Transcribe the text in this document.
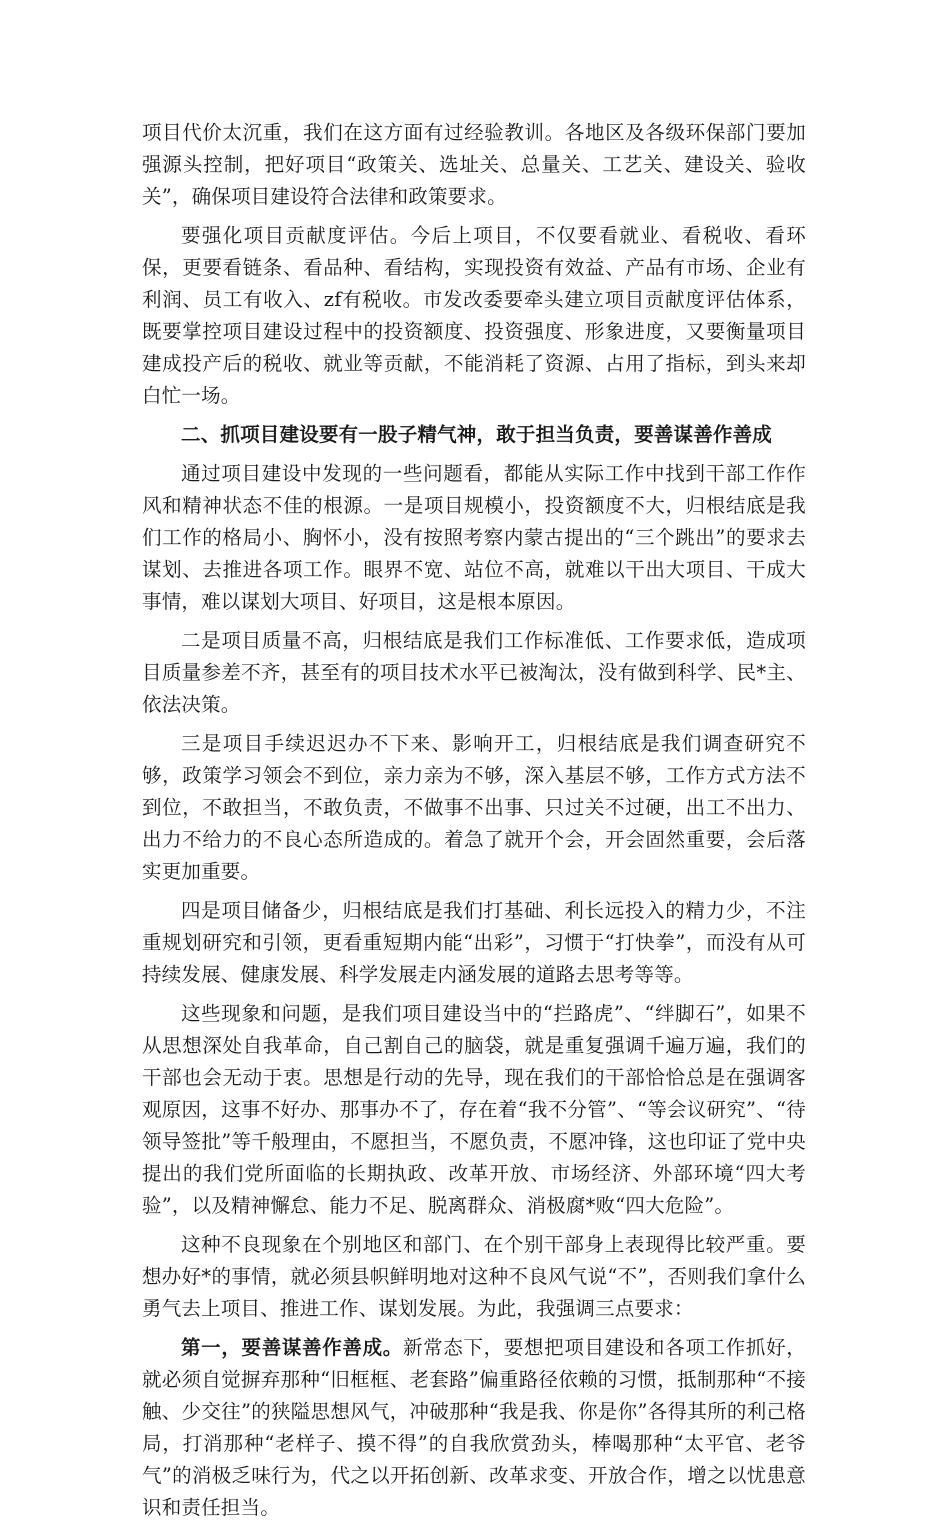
项目代价太沉重，我们在这方面有过经验教训。各地区及各级环保部门要加强源头控制，把好项目“政策关、选址关、总量关、工艺关、建设关、验收关”，确保项目建设符合法律和政策要求。

要强化项目贡献度评估。今后上项目，不仅要看就业、看税收、看环保，更要看链条、看品种、看结构，实现投资有效益、产品有市场、企业有利润、员工有收入、zf有税收。市发改委要牵头建立项目贡献度评估体系，既要掌控项目建设过程中的投资额度、投资强度、形象进度，又要衡量项目建成投产后的税收、就业等贡献，不能消耗了资源、占用了指标，到头来却白忙一场。

二、抓项目建设要有一股子精气神，敢于担当负责，要善谋善作善成

通过项目建设中发现的一些问题看，都能从实际工作中找到干部工作作风和精神状态不佳的根源。一是项目规模小，投资额度不大，归根结底是我们工作的格局小、胸怀小，没有按照考察内蒙古提出的“三个跳出”的要求去谋划、去推进各项工作。眼界不宽、站位不高，就难以干出大项目、干成大事情，难以谋划大项目、好项目，这是根本原因。

二是项目质量不高，归根结底是我们工作标准低、工作要求低，造成项目质量参差不齐，甚至有的项目技术水平已被淘汰，没有做到科学、民*主、依法决策。

三是项目手续迟迟办不下来、影响开工，归根结底是我们调查研究不够，政策学习领会不到位，亲力亲为不够，深入基层不够，工作方式方法不到位，不敢担当，不敢负责，不做事不出事、只过关不过硬，出工不出力、出力不给力的不良心态所造成的。着急了就开个会，开会固然重要，会后落实更加重要。

四是项目储备少，归根结底是我们打基础、利长远投入的精力少，不注重规划研究和引领，更看重短期内能“出彩”，习惯于“打快拳”，而没有从可持续发展、健康发展、科学发展走内涵发展的道路去思考等等。

这些现象和问题，是我们项目建设当中的“拦路虎”、“绊脚石”，如果不从思想深处自我革命，自己割自己的脑袋，就是重复强调千遍万遍，我们的干部也会无动于衷。思想是行动的先导，现在我们的干部恰恰总是在强调客观原因，这事不好办、那事办不了，存在着“我不分管”、“等会议研究”、“待领导签批”等千般理由，不愿担当，不愿负责，不愿冲锋，这也印证了党中央提出的我们党所面临的长期执政、改革开放、市场经济、外部环境“四大考验”，以及精神懈怠、能力不足、脱离群众、消极腐*败“四大危险”。

这种不良现象在个别地区和部门、在个别干部身上表现得比较严重。要想办好*的事情，就必须县帜鲜明地对这种不良风气说“不”，否则我们拿什么勇气去上项目、推进工作、谋划发展。为此，我强调三点要求：

第一，要善谋善作善成。新常态下，要想把项目建设和各项工作抓好，就必须自觉摒弃那种“旧框框、老套路”偏重路径依赖的习惯，抵制那种“不接触、少交往”的狭隘思想风气，冲破那种“我是我、你是你”各得其所的利己格局，打消那种“老样子、摸不得”的自我欣赏劲头，棒喝那种“太平官、老爷气”的消极乏味行为，代之以开拓创新、改革求变、开放合作，增之以忧患意识和责任担当。
